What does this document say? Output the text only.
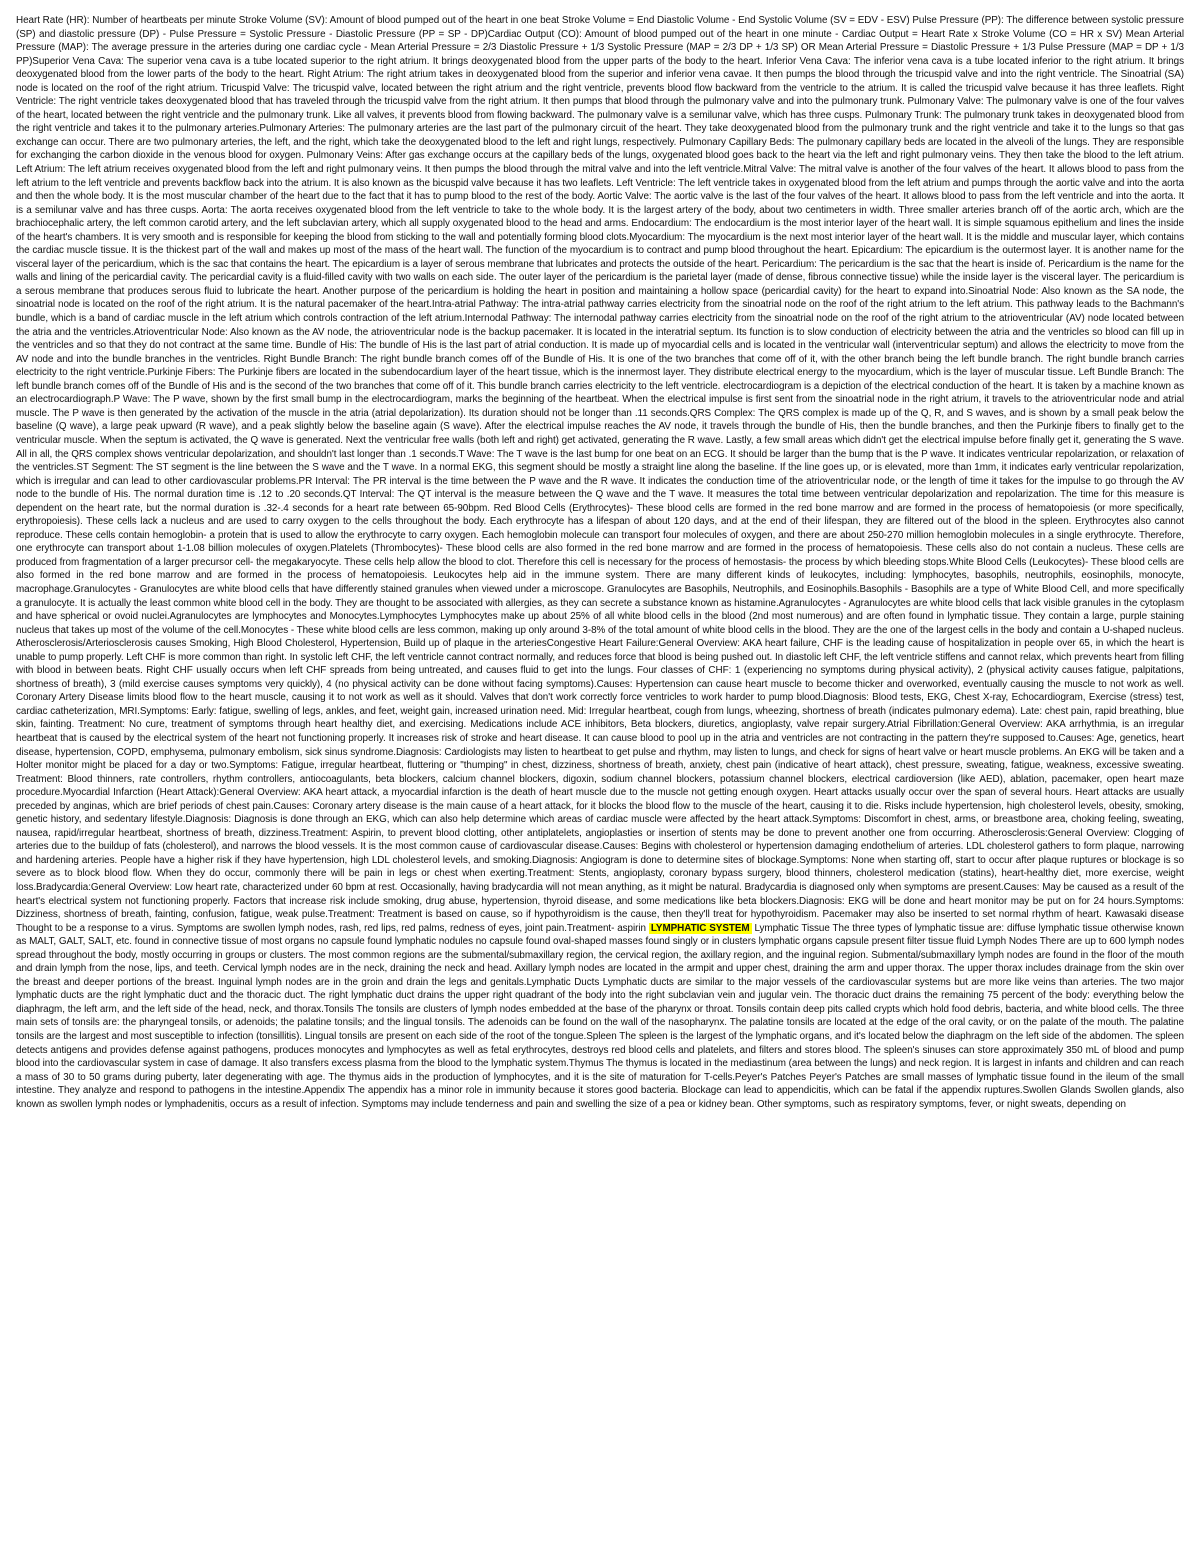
Heart Rate (HR): Number of heartbeats per minute Stroke Volume (SV): Amount of blood pumped out of the heart in one beat Stroke Volume = End Diastolic Volume - End Systolic Volume (SV = EDV - ESV) Pulse Pressure (PP): The difference between systolic pressure (SP) and diastolic pressure (DP) - Pulse Pressure = Systolic Pressure - Diastolic Pressure (PP = SP - DP)Cardiac Output (CO): Amount of blood pumped out of the heart in one minute - Cardiac Output = Heart Rate x Stroke Volume (CO = HR x SV) Mean Arterial Pressure (MAP): The average pressure in the arteries during one cardiac cycle - Mean Arterial Pressure = 2/3 Diastolic Pressure + 1/3 Systolic Pressure (MAP = 2/3 DP + 1/3 SP) OR Mean Arterial Pressure = Diastolic Pressure + 1/3 Pulse Pressure (MAP = DP + 1/3 PP)Superior Vena Cava: The superior vena cava is a tube located superior to the right atrium. It brings deoxygenated blood from the upper parts of the body to the heart. Inferior Vena Cava: The inferior vena cava is a tube located inferior to the right atrium. It brings deoxygenated blood from the lower parts of the body to the heart. Right Atrium: The right atrium takes in deoxygenated blood from the superior and inferior vena cavae. It then pumps the blood through the tricuspid valve and into the right ventricle. The Sinoatrial (SA) node is located on the roof of the right atrium. Tricuspid Valve: The tricuspid valve, located between the right atrium and the right ventricle, prevents blood flow backward from the ventricle to the atrium. It is called the tricuspid valve because it has three leaflets. Right Ventricle: The right ventricle takes deoxygenated blood that has traveled through the tricuspid valve from the right atrium. It then pumps that blood through the pulmonary valve and into the pulmonary trunk. Pulmonary Valve: The pulmonary valve is one of the four valves of the heart, located between the right ventricle and the pulmonary trunk. Like all valves, it prevents blood from flowing backward. The pulmonary valve is a semilunar valve, which has three cusps. Pulmonary Trunk: The pulmonary trunk takes in deoxygenated blood from the right ventricle and takes it to the pulmonary arteries.Pulmonary Arteries: The pulmonary arteries are the last part of the pulmonary circuit of the heart. They take deoxygenated blood from the pulmonary trunk and the right ventricle and take it to the lungs so that gas exchange can occur. There are two pulmonary arteries, the left, and the right, which take the deoxygenated blood to the left and right lungs, respectively. Pulmonary Capillary Beds: The pulmonary capillary beds are located in the alveoli of the lungs. They are responsible for exchanging the carbon dioxide in the venous blood for oxygen. Pulmonary Veins: After gas exchange occurs at the capillary beds of the lungs, oxygenated blood goes back to the heart via the left and right pulmonary veins. They then take the blood to the left atrium. Left Atrium: The left atrium receives oxygenated blood from the left and right pulmonary veins. It then pumps the blood through the mitral valve and into the left ventricle.Mitral Valve: The mitral valve is another of the four valves of the heart. It allows blood to pass from the left atrium to the left ventricle and prevents backflow back into the atrium. It is also known as the bicuspid valve because it has two leaflets. Left Ventricle: The left ventricle takes in oxygenated blood from the left atrium and pumps through the aortic valve and into the aorta and then the whole body. It is the most muscular chamber of the heart due to the fact that it has to pump blood to the rest of the body. Aortic Valve: The aortic valve is the last of the four valves of the heart. It allows blood to pass from the left ventricle and into the aorta. It is a semilunar valve and has three cusps. Aorta: The aorta receives oxygenated blood from the left ventricle to take to the whole body. It is the largest artery of the body, about two centimeters in width. Three smaller arteries branch off of the aortic arch, which are the brachiocephalic artery, the left common carotid artery, and the left subclavian artery, which all supply oxygenated blood to the head and arms. Endocardium: The endocardium is the most interior layer of the heart wall. It is simple squamous epithelium and lines the inside of the heart's chambers. It is very smooth and is responsible for keeping the blood from sticking to the wall and potentially forming blood clots.Myocardium: The myocardium is the next most interior layer of the heart wall. It is the middle and muscular layer, which contains the cardiac muscle tissue. It is the thickest part of the wall and makes up most of the mass of the heart wall. The function of the myocardium is to contract and pump blood throughout the heart. Epicardium: The epicardium is the outermost layer. It is another name for the visceral layer of the pericardium, which is the sac that contains the heart. The epicardium is a layer of serous membrane that lubricates and protects the outside of the heart. Pericardium: The pericardium is the sac that the heart is inside of. Pericardium is the name for the walls and lining of the pericardial cavity. The pericardial cavity is a fluid-filled cavity with two walls on each side. The outer layer of the pericardium is the parietal layer (made of dense, fibrous connective tissue) while the inside layer is the visceral layer. The pericardium is a serous membrane that produces serous fluid to lubricate the heart. Another purpose of the pericardium is holding the heart in position and maintaining a hollow space (pericardial cavity) for the heart to expand into.Sinoatrial Node: Also known as the SA node, the sinoatrial node is located on the roof of the right atrium. It is the natural pacemaker of the heart.Intra-atrial Pathway: The intra-atrial pathway carries electricity from the sinoatrial node on the roof of the right atrium to the left atrium. This pathway leads to the Bachmann's bundle, which is a band of cardiac muscle in the left atrium which controls contraction of the left atrium.Internodal Pathway: The internodal pathway carries electricity from the sinoatrial node on the roof of the right atrium to the atrioventricular (AV) node located between the atria and the ventricles.Atrioventricular Node: Also known as the AV node, the atrioventricular node is the backup pacemaker. It is located in the interatrial septum. Its function is to slow conduction of electricity between the atria and the ventricles so blood can fill up in the ventricles and so that they do not contract at the same time. Bundle of His: The bundle of His is the last part of atrial conduction. It is made up of myocardial cells and is located in the ventricular wall (interventricular septum) and allows the electricity to move from the AV node and into the bundle branches in the ventricles. Right Bundle Branch: The right bundle branch comes off of the Bundle of His. It is one of the two branches that come off of it, with the other branch being the left bundle branch. The right bundle branch carries electricity to the right ventricle.Purkinje Fibers: The Purkinje fibers are located in the subendocardium layer of the heart tissue, which is the innermost layer. They distribute electrical energy to the myocardium, which is the layer of muscular tissue. Left Bundle Branch: The left bundle branch comes off of the Bundle of His and is the second of the two branches that come off of it. This bundle branch carries electricity to the left ventricle. electrocardiogram is a depiction of the electrical conduction of the heart. It is taken by a machine known as an electrocardiograph.P Wave: The P wave, shown by the first small bump in the electrocardiogram, marks the beginning of the heartbeat. When the electrical impulse is first sent from the sinoatrial node in the right atrium, it travels to the atrioventricular node and atrial muscle. The P wave is then generated by the activation of the muscle in the atria (atrial depolarization). Its duration should not be longer than .11 seconds.QRS Complex: The QRS complex is made up of the Q, R, and S waves, and is shown by a small peak below the baseline (Q wave), a large peak upward (R wave), and a peak slightly below the baseline again (S wave). After the electrical impulse reaches the AV node, it travels through the bundle of His, then the bundle branches, and then the Purkinje fibers to finally get to the ventricular muscle. When the septum is activated, the Q wave is generated. Next the ventricular free walls (both left and right) get activated, generating the R wave. Lastly, a few small areas which didn't get the electrical impulse before finally get it, generating the S wave. All in all, the QRS complex shows ventricular depolarization, and shouldn't last longer than .1 seconds.T Wave: The T wave is the last bump for one beat on an ECG. It should be larger than the bump that is the P wave. It indicates ventricular repolarization, or relaxation of the ventricles.ST Segment: The ST segment is the line between the S wave and the T wave. In a normal EKG, this segment should be mostly a straight line along the baseline. If the line goes up, or is elevated, more than 1mm, it indicates early ventricular repolarization, which is irregular and can lead to other cardiovascular problems.PR Interval: The PR interval is the time between the P wave and the R wave. It indicates the conduction time of the atrioventricular node, or the length of time it takes for the impulse to go through the AV node to the bundle of His. The normal duration time is .12 to .20 seconds.QT Interval: The QT interval is the measure between the Q wave and the T wave. It measures the total time between ventricular depolarization and repolarization. The time for this measure is dependent on the heart rate, but the normal duration is .32-.4 seconds for a heart rate between 65-90bpm. Red Blood Cells (Erythrocytes)- These blood cells are formed in the red bone marrow and are formed in the process of hematopoiesis (or more specifically, erythropoiesis). These cells lack a nucleus and are used to carry oxygen to the cells throughout the body. Each erythrocyte has a lifespan of about 120 days, and at the end of their lifespan, they are filtered out of the blood in the spleen. Erythrocytes also cannot reproduce. These cells contain hemoglobin- a protein that is used to allow the erythrocyte to carry oxygen. Each hemoglobin molecule can transport four molecules of oxygen, and there are about 250-270 million hemoglobin molecules in a single erythrocyte. Therefore, one erythrocyte can transport about 1-1.08 billion molecules of oxygen.Platelets (Thrombocytes)- These blood cells are also formed in the red bone marrow and are formed in the process of hematopoiesis. These cells also do not contain a nucleus. These cells are produced from fragmentation of a larger precursor cell- the megakaryocyte. These cells help allow the blood to clot. Therefore this cell is necessary for the process of hemostasis- the process by which bleeding stops.White Blood Cells (Leukocytes)- These blood cells are also formed in the red bone marrow and are formed in the process of hematopoiesis. Leukocytes help aid in the immune system. There are many different kinds of leukocytes, including: lymphocytes, basophils, neutrophils, eosinophils, monocyte, macrophage.Granulocytes - Granulocytes are white blood cells that have differently stained granules when viewed under a microscope. Granulocytes are Basophils, Neutrophils, and Eosinophils.Basophils - Basophils are a type of White Blood Cell, and more specifically a granulocyte. It is actually the least common white blood cell in the body. They are thought to be associated with allergies, as they can secrete a substance known as histamine.Agranulocytes - Agranulocytes are white blood cells that lack visible granules in the cytoplasm and have spherical or ovoid nuclei.Agranulocytes are lymphocytes and Monocytes.Lymphocytes Lymphocytes make up about 25% of all white blood cells in the blood (2nd most numerous) and are often found in lymphatic tissue. They contain a large, purple staining nucleus that takes up most of the volume of the cell.Monocytes - These white blood cells are less common, making up only around 3-8% of the total amount of white blood cells in the blood. They are the one of the largest cells in the body and contain a U-shaped nucleus. Atherosclerosis/Arteriosclerosis causes Smoking, High Blood Cholesterol, Hypertension, Build up of plaque in the arteriesCongestive Heart Failure:General Overview: AKA heart failure, CHF is the leading cause of hospitalization in people over 65, in which the heart is unable to pump properly. Left CHF is more common than right. In systolic left CHF, the left ventricle cannot contract normally, and reduces force that blood is being pushed out. In diastolic left CHF, the left ventricle stiffens and cannot relax, which prevents heart from filling with blood in between beats. Right CHF usually occurs when left CHF spreads from being untreated, and causes fluid to get into the lungs. Four classes of CHF: 1 (experiencing no symptoms during physical activity), 2 (physical activity causes fatigue, palpitations, shortness of breath), 3 (mild exercise causes symptoms very quickly), 4 (no physical activity can be done without facing symptoms).Causes: Hypertension can cause heart muscle to become thicker and overworked, eventually causing the muscle to not work as well. Coronary Artery Disease limits blood flow to the heart muscle, causing it to not work as well as it should. Valves that don't work correctly force ventricles to work harder to pump blood.Diagnosis: Blood tests, EKG, Chest X-ray, Echocardiogram, Exercise (stress) test, cardiac catheterization, MRI.Symptoms: Early: fatigue, swelling of legs, ankles, and feet, weight gain, increased urination need. Mid: Irregular heartbeat, cough from lungs, wheezing, shortness of breath (indicates pulmonary edema). Late: chest pain, rapid breathing, blue skin, fainting. Treatment: No cure, treatment of symptoms through heart healthy diet, and exercising. Medications include ACE inhibitors, Beta blockers, diuretics, angioplasty, valve repair surgery.Atrial Fibrillation:General Overview: AKA arrhythmia, is an irregular heartbeat that is caused by the electrical system of the heart not functioning properly. It increases risk of stroke and heart disease. It can cause blood to pool up in the atria and ventricles are not contracting in the pattern they're supposed to.Causes: Age, genetics, heart disease, hypertension, COPD, emphysema, pulmonary embolism, sick sinus syndrome.Diagnosis: Cardiologists may listen to heartbeat to get pulse and rhythm, may listen to lungs, and check for signs of heart valve or heart muscle problems. An EKG will be taken and a Holter monitor might be placed for a day or two.Symptoms: Fatigue, irregular heartbeat, fluttering or "thumping" in chest, dizziness, shortness of breath, anxiety, chest pain (indicative of heart attack), chest pressure, sweating, fatigue, weakness, excessive sweating. Treatment: Blood thinners, rate controllers, rhythm controllers, antiocoagulants, beta blockers, calcium channel blockers, digoxin, sodium channel blockers, potassium channel blockers, electrical cardioversion (like AED), ablation, pacemaker, open heart maze procedure.Myocardial Infarction (Heart Attack):General Overview: AKA heart attack, a myocardial infarction is the death of heart muscle due to the muscle not getting enough oxygen. Heart attacks usually occur over the span of several hours. Heart attacks are usually preceded by anginas, which are brief periods of chest pain.Causes: Coronary artery disease is the main cause of a heart attack, for it blocks the blood flow to the muscle of the heart, causing it to die. Risks include hypertension, high cholesterol levels, obesity, smoking, genetic history, and sedentary lifestyle.Diagnosis: Diagnosis is done through an EKG, which can also help determine which areas of cardiac muscle were affected by the heart attack.Symptoms: Discomfort in chest, arms, or breastbone area, choking feeling, sweating, nausea, rapid/irregular heartbeat, shortness of breath, dizziness.Treatment: Aspirin, to prevent blood clotting, other antiplatelets, angioplasties or insertion of stents may be done to prevent another one from occurring. Atherosclerosis:General Overview: Clogging of arteries due to the buildup of fats (cholesterol), and narrows the blood vessels. It is the most common cause of cardiovascular disease.Causes: Begins with cholesterol or hypertension damaging endothelium of arteries. LDL cholesterol gathers to form plaque, narrowing and hardening arteries. People have a higher risk if they have hypertension, high LDL cholesterol levels, and smoking.Diagnosis: Angiogram is done to determine sites of blockage.Symptoms: None when starting off, start to occur after plaque ruptures or blockage is so severe as to block blood flow. When they do occur, commonly there will be pain in legs or chest when exerting.Treatment: Stents, angioplasty, coronary bypass surgery, blood thinners, cholesterol medication (statins), heart-healthy diet, more exercise, weight loss.Bradycardia:General Overview: Low heart rate, characterized under 60 bpm at rest. Occasionally, having bradycardia will not mean anything, as it might be natural. Bradycardia is diagnosed only when symptoms are present.Causes: May be caused as a result of the heart's electrical system not functioning properly. Factors that increase risk include smoking, drug abuse, hypertension, thyroid disease, and some medications like beta blockers.Diagnosis: EKG will be done and heart monitor may be put on for 24 hours.Symptoms: Dizziness, shortness of breath, fainting, confusion, fatigue, weak pulse.Treatment: Treatment is based on cause, so if hypothyroidism is the cause, then they'll treat for hypothyroidism. Pacemaker may also be inserted to set normal rhythm of heart. Kawasaki disease Thought to be a response to a virus. Symptoms are swollen lymph nodes, rash, red lips, red palms, redness of eyes, joint pain.Treatment- aspirin LYMPHATIC SYSTEM Lymphatic Tissue The three types of lymphatic tissue are: diffuse lymphatic tissue otherwise known as MALT, GALT, SALT, etc. found in connective tissue of most organs no capsule found lymphatic nodules no capsule found oval-shaped masses found singly or in clusters lymphatic organs capsule present filter tissue fluid Lymph Nodes There are up to 600 lymph nodes spread throughout the body, mostly occurring in groups or clusters. The most common regions are the submental/submaxillary region, the cervical region, the axillary region, and the inguinal region. Submental/submaxillary lymph nodes are found in the floor of the mouth and drain lymph from the nose, lips, and teeth. Cervical lymph nodes are in the neck, draining the neck and head. Axillary lymph nodes are located in the armpit and upper chest, draining the arm and upper thorax. The upper thorax includes drainage from the skin over the breast and deeper portions of the breast. Inguinal lymph nodes are in the groin and drain the legs and genitals.Lymphatic Ducts Lymphatic ducts are similar to the major vessels of the cardiovascular systems but are more like veins than arteries. The two major lymphatic ducts are the right lymphatic duct and the thoracic duct. The right lymphatic duct drains the upper right quadrant of the body into the right subclavian vein and jugular vein. The thoracic duct drains the remaining 75 percent of the body: everything below the diaphragm, the left arm, and the left side of the head, neck, and thorax.Tonsils The tonsils are clusters of lymph nodes embedded at the base of the pharynx or throat. Tonsils contain deep pits called crypts which hold food debris, bacteria, and white blood cells. The three main sets of tonsils are: the pharyngeal tonsils, or adenoids; the palatine tonsils; and the lingual tonsils. The adenoids can be found on the wall of the nasopharynx. The palatine tonsils are located at the edge of the oral cavity, or on the palate of the mouth. The palatine tonsils are the largest and most susceptible to infection (tonsillitis). Lingual tonsils are present on each side of the root of the tongue.Spleen The spleen is the largest of the lymphatic organs, and it's located below the diaphragm on the left side of the abdomen. The spleen detects antigens and provides defense against pathogens, produces monocytes and lymphocytes as well as fetal erythrocytes, destroys red blood cells and platelets, and filters and stores blood. The spleen's sinuses can store approximately 350 mL of blood and pump blood into the cardiovascular system in case of damage. It also transfers excess plasma from the blood to the lymphatic system.Thymus The thymus is located in the mediastinum (area between the lungs) and neck region. It is largest in infants and children and can reach a mass of 30 to 50 grams during puberty, later degenerating with age. The thymus aids in the production of lymphocytes, and it is the site of maturation for T-cells.Peyer's Patches Peyer's Patches are small masses of lymphatic tissue found in the ileum of the small intestine. They analyze and respond to pathogens in the intestine.Appendix The appendix has a minor role in immunity because it stores good bacteria. Blockage can lead to appendicitis, which can be fatal if the appendix ruptures.Swollen Glands Swollen glands, also known as swollen lymph nodes or lymphadenitis, occurs as a result of infection. Symptoms may include tenderness and pain and swelling the size of a pea or kidney bean. Other symptoms, such as respiratory symptoms, fever, or night sweats, depending on
